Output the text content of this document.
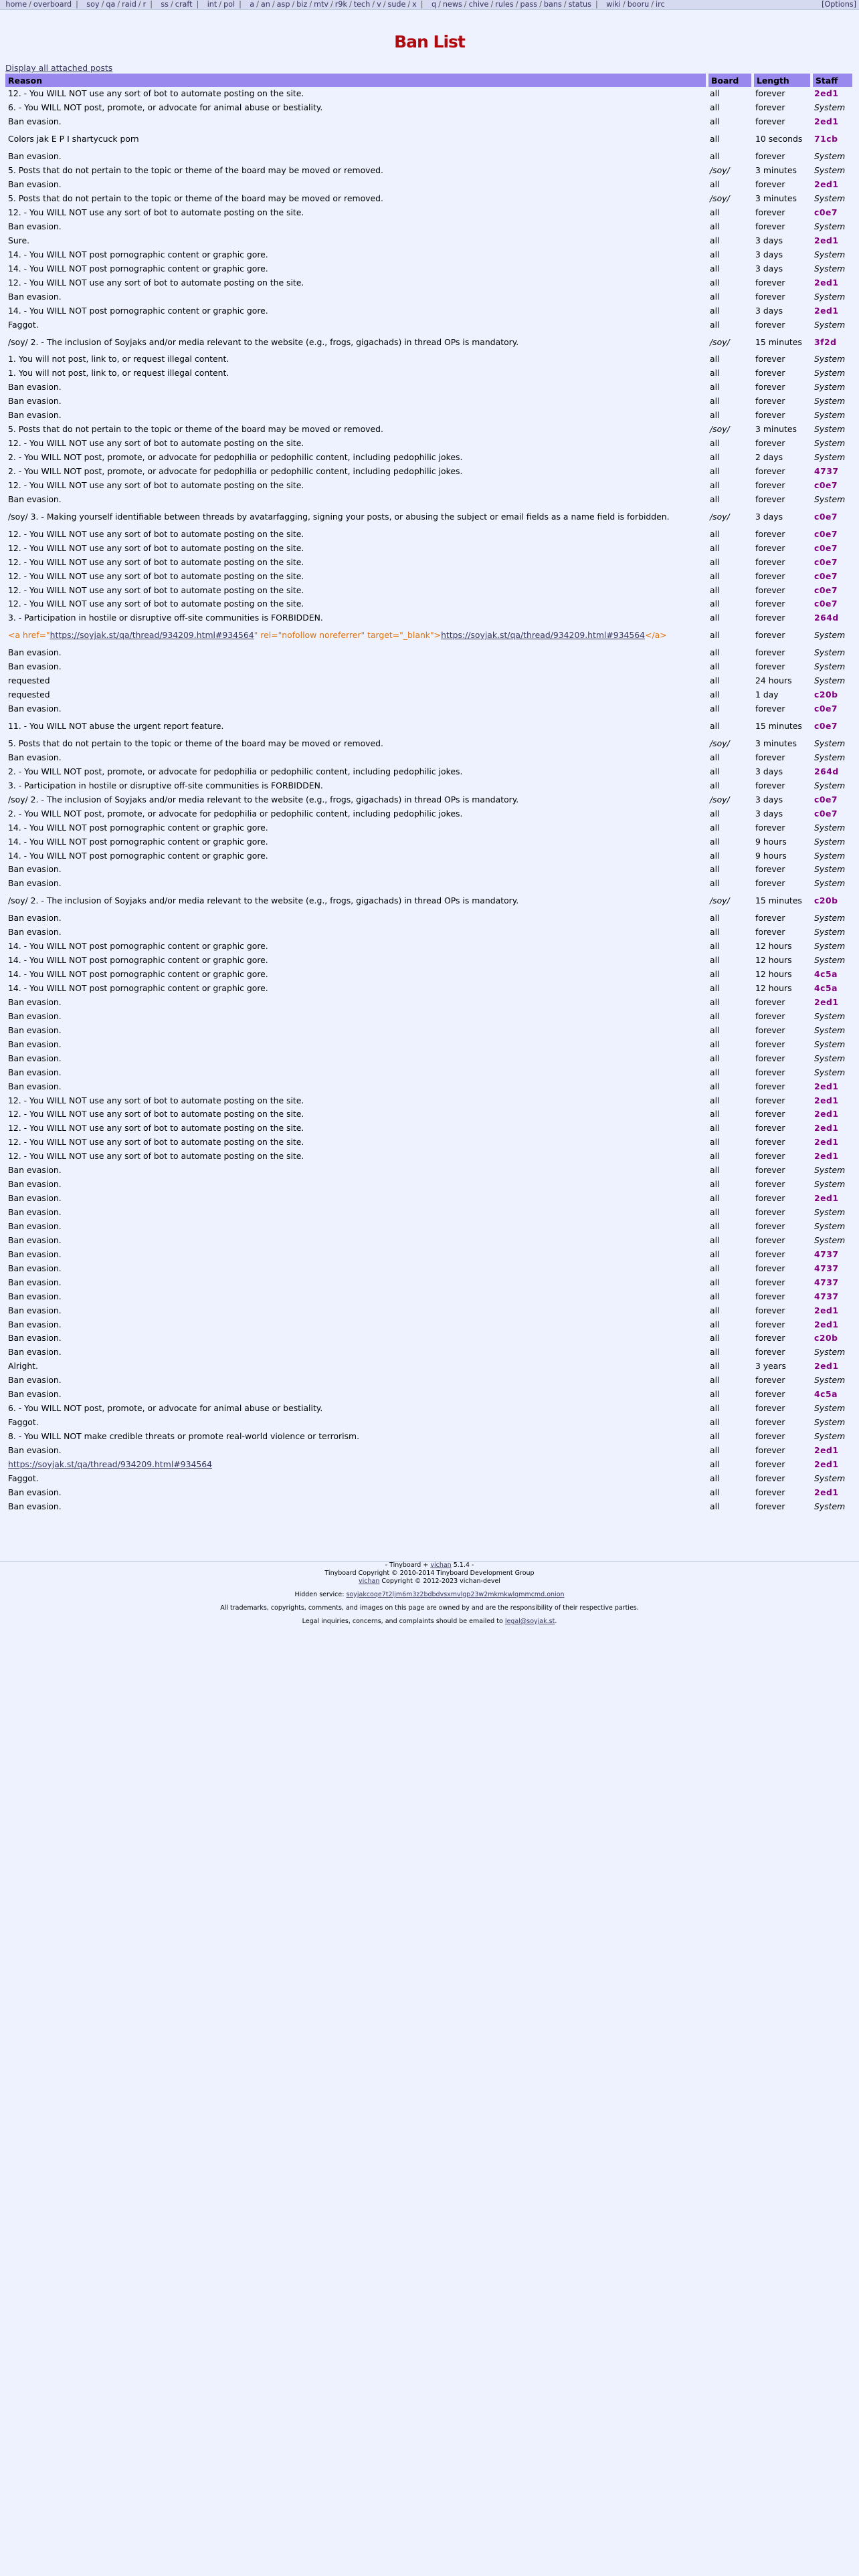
home / overboard | soy / qa / raid / r | ss / craft | int / pol | a / an / asp / biz / mtv / r9k / tech / v / sude / x | q / news / chive / rules / pass / bans / status | wiki / booru / irc	[Options]
Ban List
Display all attached posts
Reason	Board	Length	Staff
12. - You WILL NOT use any sort of bot to automate posting on the site.	all	forever	2ed1
6. - You WILL NOT post, promote, or advocate for animal abuse or bestiality.	all	forever	System
Ban evasion.	all	forever	2ed1
Colors jak E P I shartycuck porn	all	10 seconds	71cb
Ban evasion.	all	forever	System
5. Posts that do not pertain to the topic or theme of the board may be moved or removed.	/soy/	3 minutes	System
Ban evasion.	all	forever	2ed1
5. Posts that do not pertain to the topic or theme of the board may be moved or removed.	/soy/	3 minutes	System
12. - You WILL NOT use any sort of bot to automate posting on the site.	all	forever	c0e7
Ban evasion.	all	forever	System
Sure.	all	3 days	2ed1
14. - You WILL NOT post pornographic content or graphic gore.	all	3 days	System
14. - You WILL NOT post pornographic content or graphic gore.	all	3 days	System
12. - You WILL NOT use any sort of bot to automate posting on the site.	all	forever	2ed1
Ban evasion.	all	forever	System
14. - You WILL NOT post pornographic content or graphic gore.	all	3 days	2ed1
Faggot.	all	forever	System
/soy/ 2. - The inclusion of Soyjaks and/or media relevant to the website (e.g., frogs, gigachads) in thread OPs is mandatory.	/soy/	15 minutes	3f2d
1. You will not post, link to, or request illegal content.	all	forever	System
1. You will not post, link to, or request illegal content.	all	forever	System
Ban evasion.	all	forever	System
Ban evasion.	all	forever	System
Ban evasion.	all	forever	System
5. Posts that do not pertain to the topic or theme of the board may be moved or removed.	/soy/	3 minutes	System
12. - You WILL NOT use any sort of bot to automate posting on the site.	all	forever	System
2. - You WILL NOT post, promote, or advocate for pedophilia or pedophilic content, including pedophilic jokes.	all	2 days	System
2. - You WILL NOT post, promote, or advocate for pedophilia or pedophilic content, including pedophilic jokes.	all	forever	4737
12. - You WILL NOT use any sort of bot to automate posting on the site.	all	forever	c0e7
Ban evasion.	all	forever	System
/soy/ 3. - Making yourself identifiable between threads by avatarfagging, signing your posts, or abusing the subject or email fields as a name field is forbidden.	/soy/	3 days	c0e7
12. - You WILL NOT use any sort of bot to automate posting on the site.	all	forever	c0e7
12. - You WILL NOT use any sort of bot to automate posting on the site.	all	forever	c0e7
12. - You WILL NOT use any sort of bot to automate posting on the site.	all	forever	c0e7
12. - You WILL NOT use any sort of bot to automate posting on the site.	all	forever	c0e7
12. - You WILL NOT use any sort of bot to automate posting on the site.	all	forever	c0e7
12. - You WILL NOT use any sort of bot to automate posting on the site.	all	forever	c0e7
3. - Participation in hostile or disruptive off-site communities is FORBIDDEN.	all	forever	264d
<a href="https://soyjak.st/qa/thread/934209.html#934564" rel="nofollow noreferrer" target="_blank">https://soyjak.st/qa/thread/934209.html#934564</a>	all	forever	System
Ban evasion.	all	forever	System
Ban evasion.	all	forever	System
requested	all	24 hours	System
requested	all	1 day	c20b
Ban evasion.	all	forever	c0e7
11. - You WILL NOT abuse the urgent report feature.	all	15 minutes	c0e7
5. Posts that do not pertain to the topic or theme of the board may be moved or removed.	/soy/	3 minutes	System
Ban evasion.	all	forever	System
2. - You WILL NOT post, promote, or advocate for pedophilia or pedophilic content, including pedophilic jokes.	all	3 days	264d
3. - Participation in hostile or disruptive off-site communities is FORBIDDEN.	all	forever	System
/soy/ 2. - The inclusion of Soyjaks and/or media relevant to the website (e.g., frogs, gigachads) in thread OPs is mandatory.	/soy/	3 days	c0e7
2. - You WILL NOT post, promote, or advocate for pedophilia or pedophilic content, including pedophilic jokes.	all	3 days	c0e7
14. - You WILL NOT post pornographic content or graphic gore.	all	forever	System
14. - You WILL NOT post pornographic content or graphic gore.	all	9 hours	System
14. - You WILL NOT post pornographic content or graphic gore.	all	9 hours	System
Ban evasion.	all	forever	System
Ban evasion.	all	forever	System
/soy/ 2. - The inclusion of Soyjaks and/or media relevant to the website (e.g., frogs, gigachads) in thread OPs is mandatory.	/soy/	15 minutes	c20b
Ban evasion.	all	forever	System
Ban evasion.	all	forever	System
14. - You WILL NOT post pornographic content or graphic gore.	all	12 hours	System
14. - You WILL NOT post pornographic content or graphic gore.	all	12 hours	System
14. - You WILL NOT post pornographic content or graphic gore.	all	12 hours	4c5a
14. - You WILL NOT post pornographic content or graphic gore.	all	12 hours	4c5a
Ban evasion.	all	forever	2ed1
Ban evasion.	all	forever	System
Ban evasion.	all	forever	System
Ban evasion.	all	forever	System
Ban evasion.	all	forever	System
Ban evasion.	all	forever	System
Ban evasion.	all	forever	2ed1
12. - You WILL NOT use any sort of bot to automate posting on the site.	all	forever	2ed1
12. - You WILL NOT use any sort of bot to automate posting on the site.	all	forever	2ed1
12. - You WILL NOT use any sort of bot to automate posting on the site.	all	forever	2ed1
12. - You WILL NOT use any sort of bot to automate posting on the site.	all	forever	2ed1
12. - You WILL NOT use any sort of bot to automate posting on the site.	all	forever	2ed1
Ban evasion.	all	forever	System
Ban evasion.	all	forever	System
Ban evasion.	all	forever	2ed1
Ban evasion.	all	forever	System
Ban evasion.	all	forever	System
Ban evasion.	all	forever	System
Ban evasion.	all	forever	4737
Ban evasion.	all	forever	4737
Ban evasion.	all	forever	4737
Ban evasion.	all	forever	4737
Ban evasion.	all	forever	2ed1
Ban evasion.	all	forever	2ed1
Ban evasion.	all	forever	c20b
Ban evasion.	all	forever	System
Alright.	all	3 years	2ed1
Ban evasion.	all	forever	System
Ban evasion.	all	forever	4c5a
6. - You WILL NOT post, promote, or advocate for animal abuse or bestiality.	all	forever	System
Faggot.	all	forever	System
8. - You WILL NOT make credible threats or promote real-world violence or terrorism.	all	forever	System
Ban evasion.	all	forever	2ed1
https://soyjak.st/qa/thread/934209.html#934564	all	forever	2ed1
Faggot.	all	forever	System
Ban evasion.	all	forever	2ed1
Ban evasion.	all	forever	System

- Tinyboard + vichan 5.1.4 -

Tinyboard Copyright © 2010-2014 Tinyboard Development Group

vichan Copyright © 2012-2023 vichan-devel

Hidden service: soyjakcoqe7t2ljm6m3z2bdbdvsxmvlgp23w2mkmkwlqmmcmd.onion

All trademarks, copyrights, comments, and images on this page are owned by and are the responsibility of their respective parties.

Legal inquiries, concerns, and complaints should be emailed to legal@soyjak.st.
